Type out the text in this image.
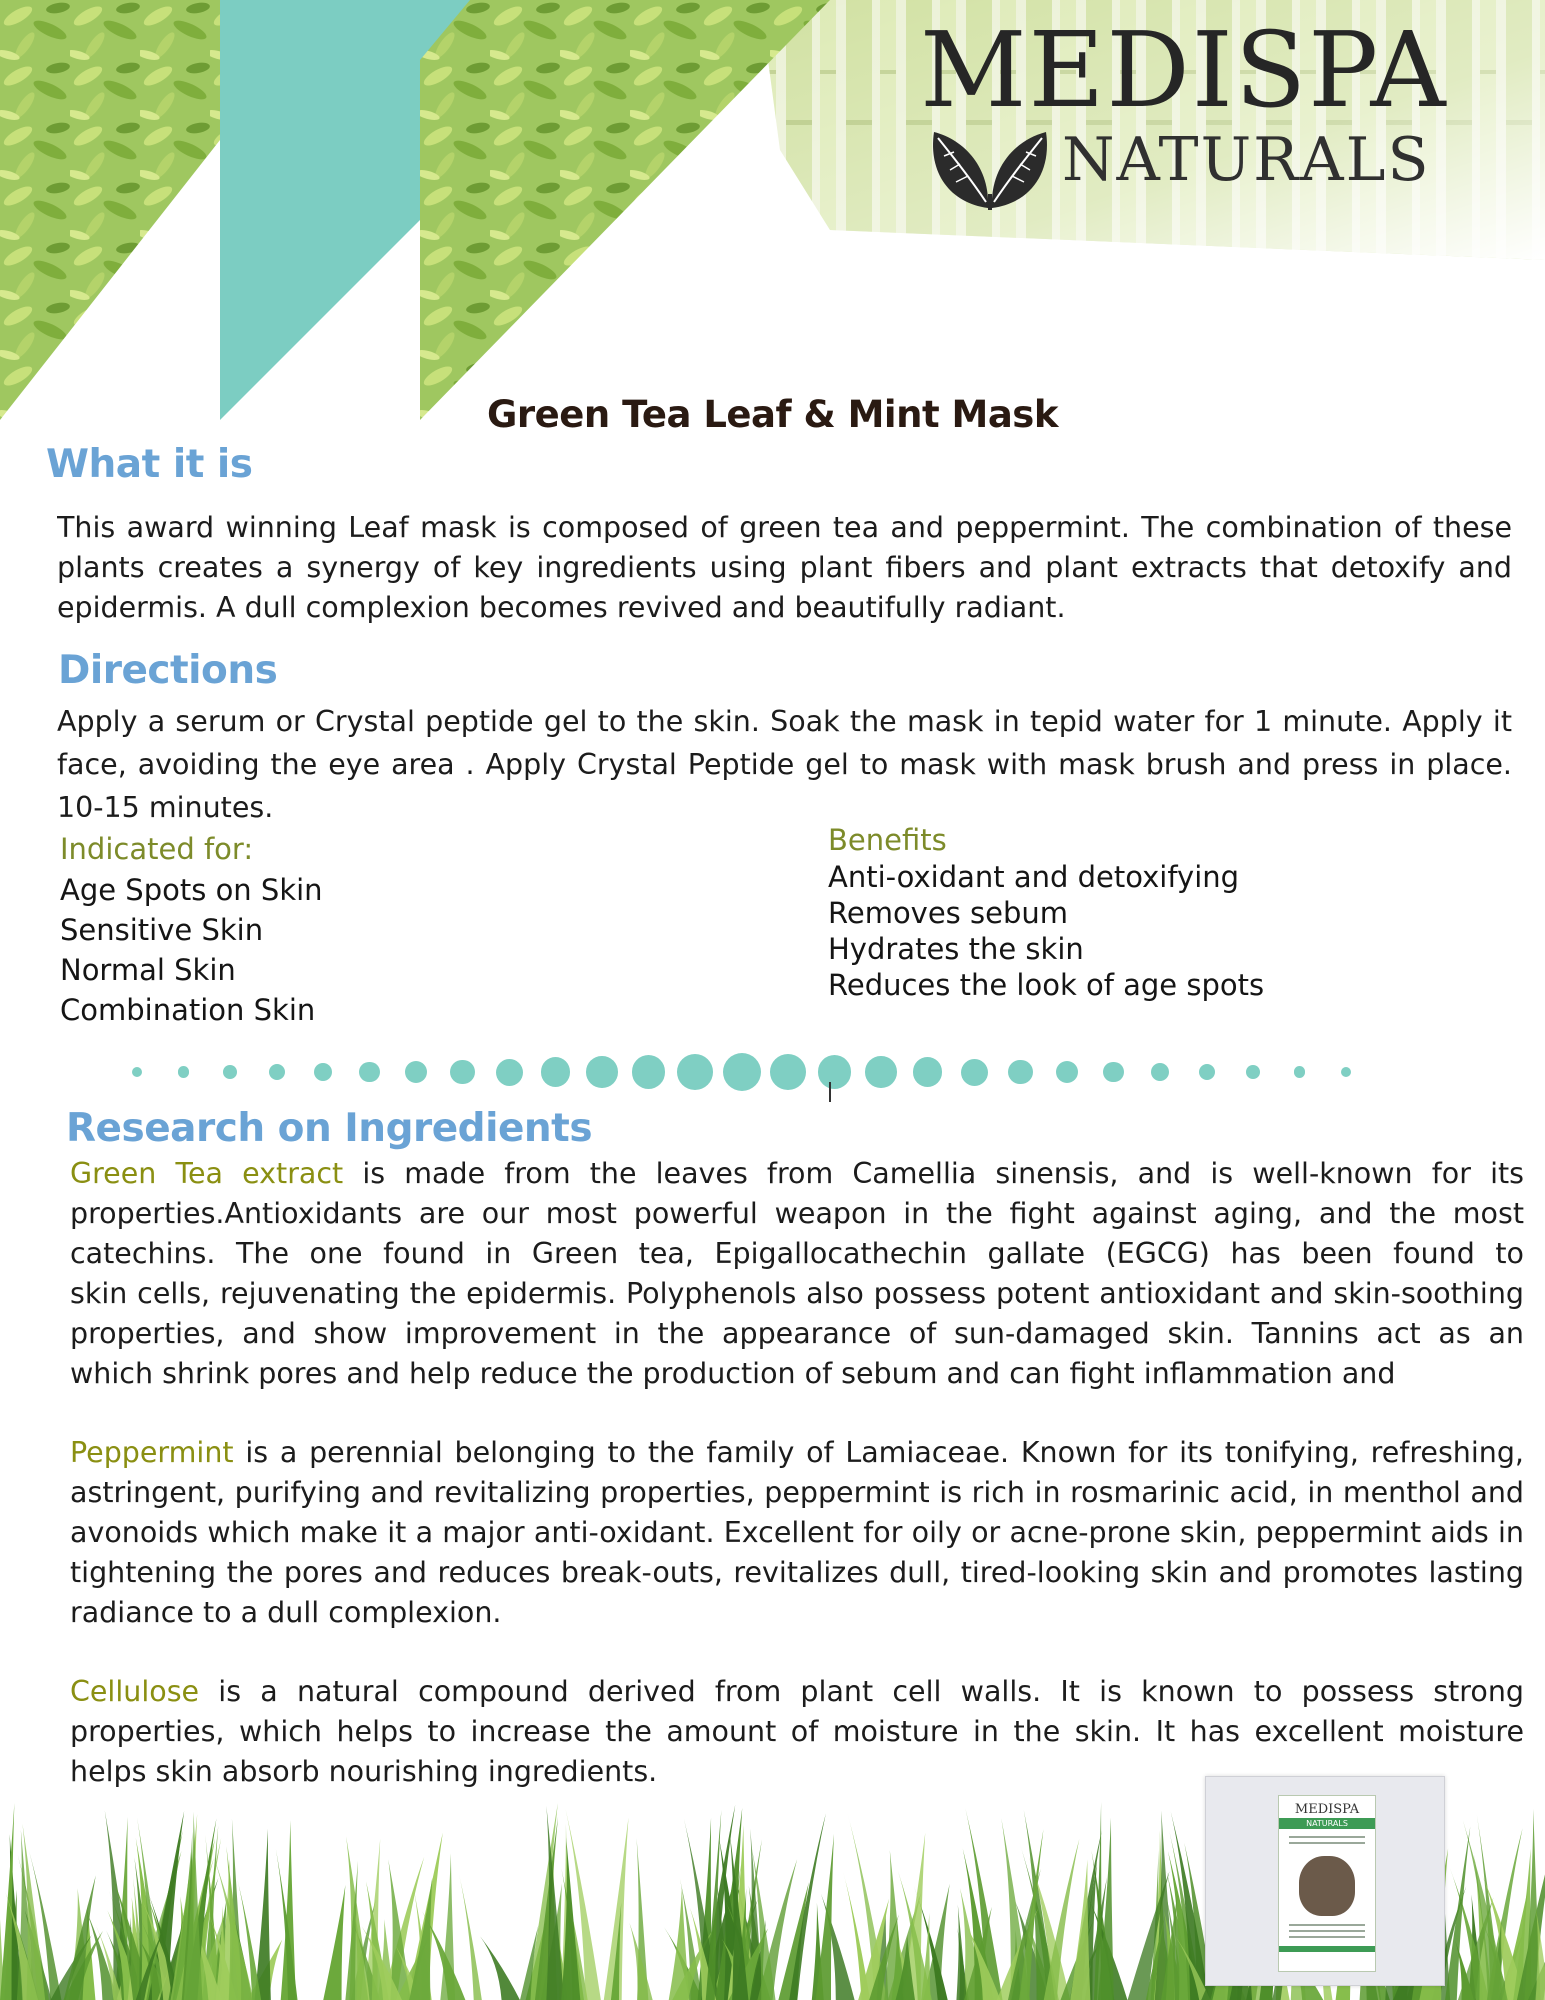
MEDISPA
NATURALS
Green Tea Leaf & Mint Mask
What it is
This award winning Leaf mask is composed of green tea and peppermint. The combination of these
plants creates a synergy of key ingredients using plant fibers and plant extracts that detoxify and
epidermis. A dull complexion becomes revived and beautifully radiant.
Directions
Apply a serum or Crystal peptide gel to the skin. Soak the mask in tepid water for 1 minute. Apply it
face, avoiding the eye area . Apply Crystal Peptide gel to mask with mask brush and press in place.
10-15 minutes.
Indicated for:
Age Spots on Skin
Sensitive Skin
Normal Skin
Combination Skin
Benefits
Anti-oxidant and detoxifying
Removes sebum
Hydrates the skin
Reduces the look of age spots
Research on Ingredients
Green Tea extract is made from the leaves from Camellia sinensis, and is well-known for its
properties.Antioxidants are our most powerful weapon in the fight against aging, and the most
catechins. The one found in Green tea, Epigallocathechin gallate (EGCG) has been found to
skin cells, rejuvenating the epidermis. Polyphenols also possess potent antioxidant and skin-soothing
properties, and show improvement in the appearance of sun-damaged skin. Tannins act as an
which shrink pores and help reduce the production of sebum and can fight inflammation and
Peppermint is a perennial belonging to the family of Lamiaceae. Known for its tonifying, refreshing,
astringent, purifying and revitalizing properties, peppermint is rich in rosmarinic acid, in menthol and
avonoids which make it a major anti-oxidant. Excellent for oily or acne-prone skin, peppermint aids in
tightening the pores and reduces break-outs, revitalizes dull, tired-looking skin and promotes lasting
radiance to a dull complexion.
Cellulose is a natural compound derived from plant cell walls. It is known to possess strong
properties, which helps to increase the amount of moisture in the skin. It has excellent moisture
helps skin absorb nourishing ingredients.
MEDISPA
NATURALS
